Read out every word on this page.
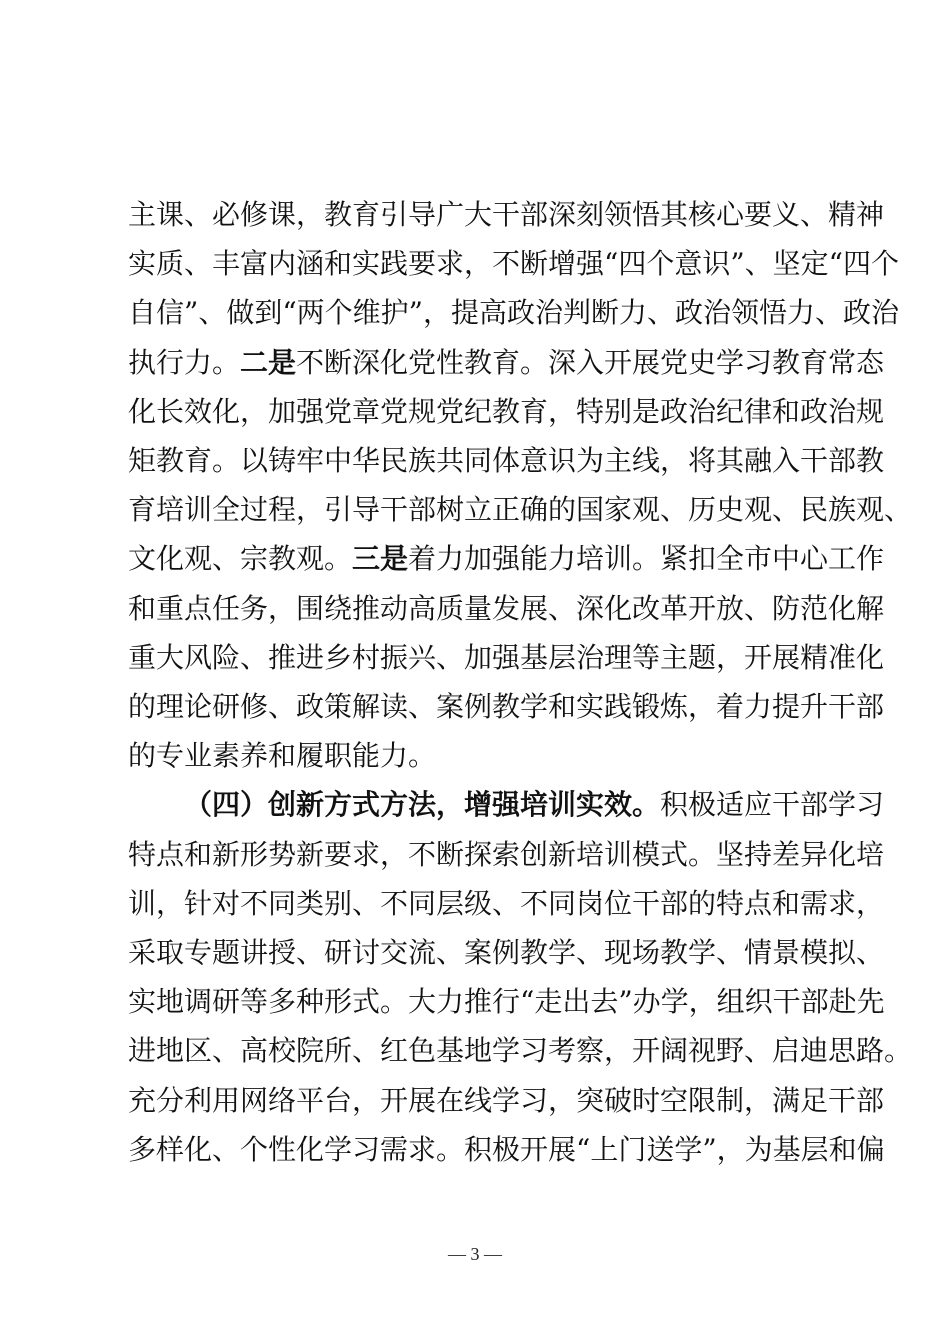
主课、必修课，教育引导广大干部深刻领悟其核心要义、精神
实质、丰富内涵和实践要求，不断增强“四个意识”、坚定“四个
自信”、做到“两个维护”，提高政治判断力、政治领悟力、政治
执行力。二是不断深化党性教育。深入开展党史学习教育常态
化长效化，加强党章党规党纪教育，特别是政治纪律和政治规
矩教育。以铸牢中华民族共同体意识为主线，将其融入干部教
育培训全过程，引导干部树立正确的国家观、历史观、民族观、
文化观、宗教观。三是着力加强能力培训。紧扣全市中心工作
和重点任务，围绕推动高质量发展、深化改革开放、防范化解
重大风险、推进乡村振兴、加强基层治理等主题，开展精准化
的理论研修、政策解读、案例教学和实践锻炼，着力提升干部
的专业素养和履职能力。
（四）创新方式方法，增强培训实效。积极适应干部学习
特点和新形势新要求，不断探索创新培训模式。坚持差异化培
训，针对不同类别、不同层级、不同岗位干部的特点和需求，
采取专题讲授、研讨交流、案例教学、现场教学、情景模拟、
实地调研等多种形式。大力推行“走出去”办学，组织干部赴先
进地区、高校院所、红色基地学习考察，开阔视野、启迪思路。
充分利用网络平台，开展在线学习，突破时空限制，满足干部
多样化、个性化学习需求。积极开展“上门送学”，为基层和偏
— 3 —
